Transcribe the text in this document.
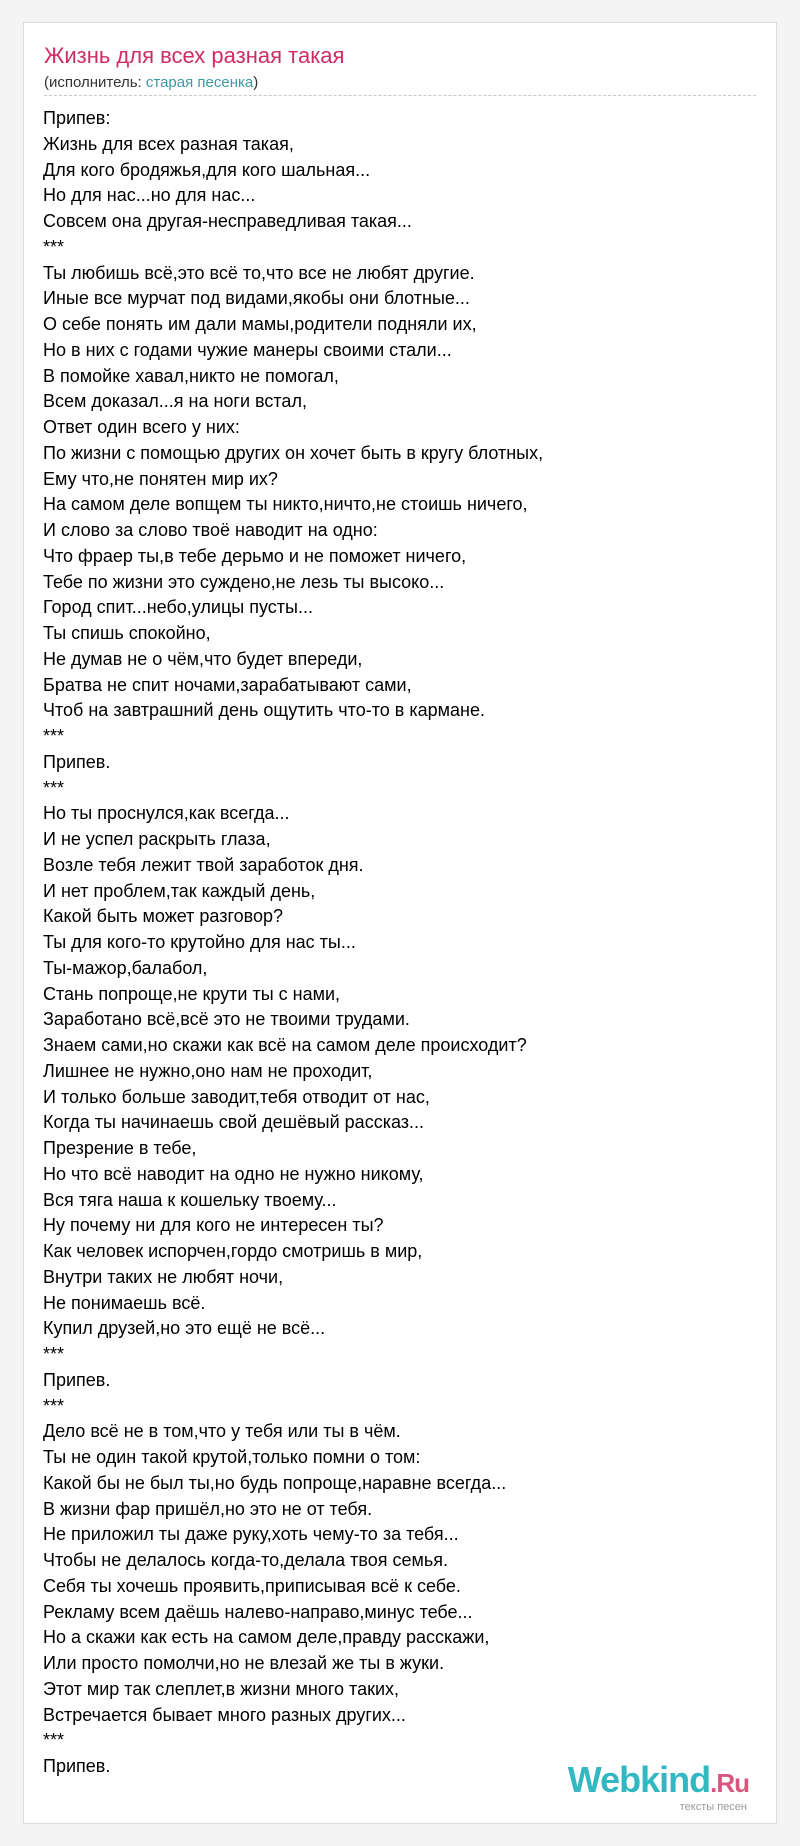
Жизнь для всех разная такая
(исполнитель: старая песенка)
Припев:
Жизнь для всех разная такая,
Для кого бродяжья,для кого шальная...
Но для нас...но для нас...
Совсем она другая-несправедливая такая...
***
Ты любишь всё,это всё то,что все не любят другие.
Иные все мурчат под видами,якобы они блотные...
О себе понять им дали мамы,родители подняли их,
Но в них с годами чужие манеры своими стали...
В помойке хавал,никто не помогал,
Всем доказал...я на ноги встал,
Ответ один всего у них:
По жизни с помощью других он хочет быть в кругу блотных,
Ему что,не понятен мир их?
На самом деле вопщем ты никто,ничто,не стоишь ничего,
И слово за слово твоё наводит на одно:
Что фраер ты,в тебе дерьмо и не поможет ничего,
Тебе по жизни это суждено,не лезь ты высоко...
Город спит...небо,улицы пусты...
Ты спишь спокойно,
Не думав не о чём,что будет впереди,
Братва не спит ночами,зарабатывают сами,
Чтоб на завтрашний день ощутить что-то в кармане.
***
Припев.
***
Но ты проснулся,как всегда...
И не успел раскрыть глаза,
Возле тебя лежит твой заработок дня.
И нет проблем,так каждый день,
Какой быть может разговор?
Ты для кого-то крутойно для нас ты...
Ты-мажор,балабол,
Стань попроще,не крути ты с нами,
Заработано всё,всё это не твоими трудами.
Знаем сами,но скажи как всё на самом деле происходит?
Лишнее не нужно,оно нам не проходит,
И только больше заводит,тебя отводит от нас,
Когда ты начинаешь свой дешёвый рассказ...
Презрение в тебе,
Но что всё наводит на одно не нужно никому,
Вся тяга наша к кошельку твоему...
Ну почему ни для кого не интересен ты?
Как человек испорчен,гордо смотришь в мир,
Внутри таких не любят ночи,
Не понимаешь всё.
Купил друзей,но это ещё не всё...
***
Припев.
***
Дело всё не в том,что у тебя или ты в чём.
Ты не один такой крутой,только помни о том:
Какой бы не был ты,но будь попроще,наравне всегда...
В жизни фар пришёл,но это не от тебя.
Не приложил ты даже руку,хоть чему-то за тебя...
Чтобы не делалось когда-то,делала твоя семья.
Себя ты хочешь проявить,приписывая всё к себе.
Рекламу всем даёшь налево-направо,минус тебе...
Но а скажи как есть на самом деле,правду расскажи,
Или просто помолчи,но не влезай же ты в жуки.
Этот мир так слеплет,в жизни много таких,
Встречается бывает много разных других...
***
Припев.	Webkind.Ru
тексты песен
